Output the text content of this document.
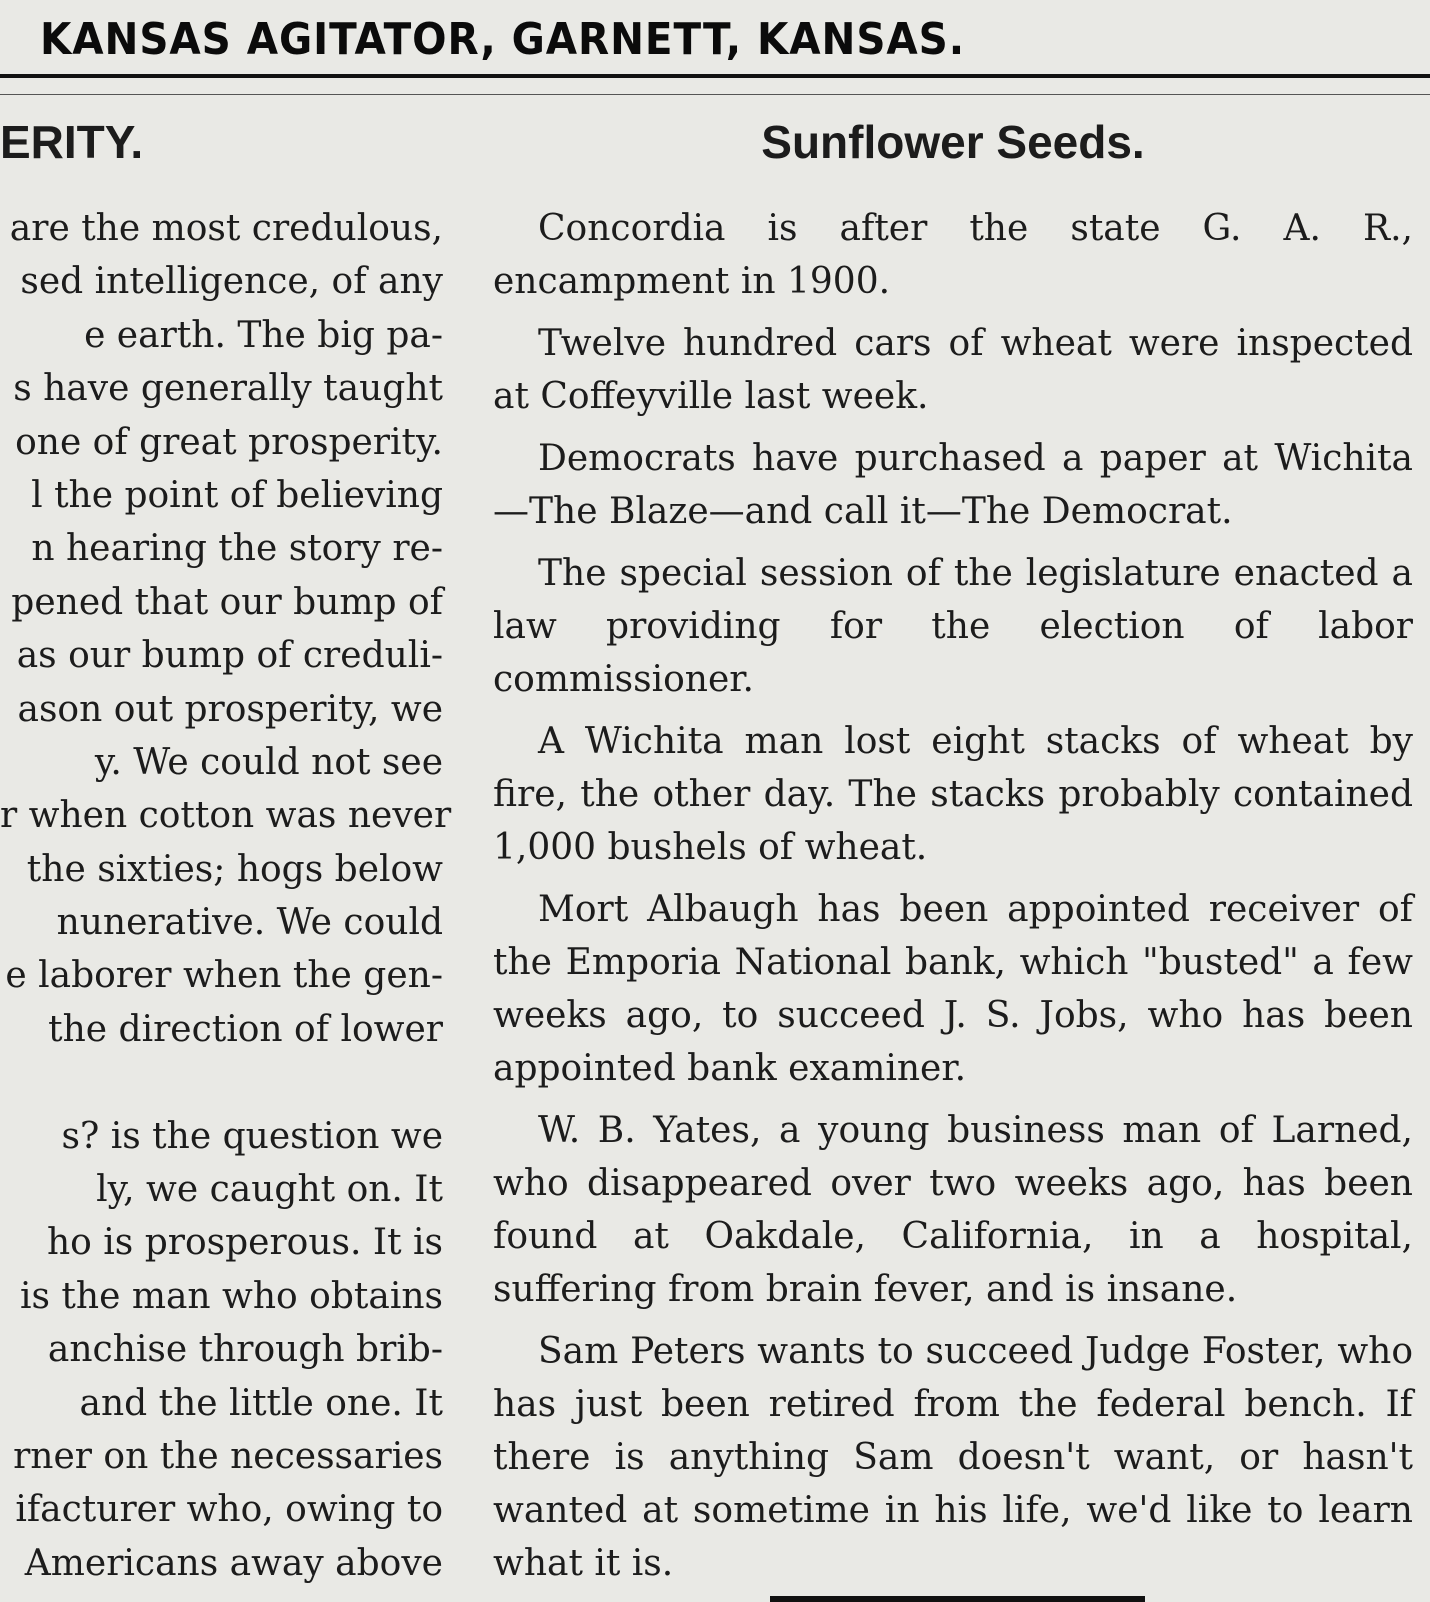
KANSAS AGITATOR, GARNETT, KANSAS.
ERITY.
are the most credulous,
sed intelligence, of any
e earth. The big pa-
s have generally taught
one of great prosperity.
l the point of believing
n hearing the story re-
pened that our bump of
as our bump of creduli-
ason out prosperity, we
y. We could not see
r when cotton was never
the sixties; hogs below
nunerative. We could
e laborer when the gen-
the direction of lower
s? is the question we
ly, we caught on. It
ho is prosperous. It is
is the man who obtains
anchise through brib-
and the little one. It
rner on the necessaries
ifacturer who, owing to
Americans away above
Sunflower Seeds.

Concordia is after the state G. A. R., encampment in 1900.

Twelve hundred cars of wheat were inspected at Coffeyville last week.

Democrats have purchased a paper at Wichita —The Blaze—and call it—The Democrat.

The special session of the legislature enacted a law providing for the election of labor commissioner.

A Wichita man lost eight stacks of wheat by fire, the other day. The stacks probably contained 1,000 bushels of wheat.

Mort Albaugh has been appointed receiver of the Emporia National bank, which "busted" a few weeks ago, to succeed J. S. Jobs, who has been appointed bank examiner.

W. B. Yates, a young business man of Larned, who disappeared over two weeks ago, has been found at Oakdale, California, in a hospital, suffering from brain fever, and is insane.

Sam Peters wants to succeed Judge Foster, who has just been retired from the federal bench. If there is anything Sam doesn't want, or hasn't wanted at sometime in his life, we'd like to learn what it is.
